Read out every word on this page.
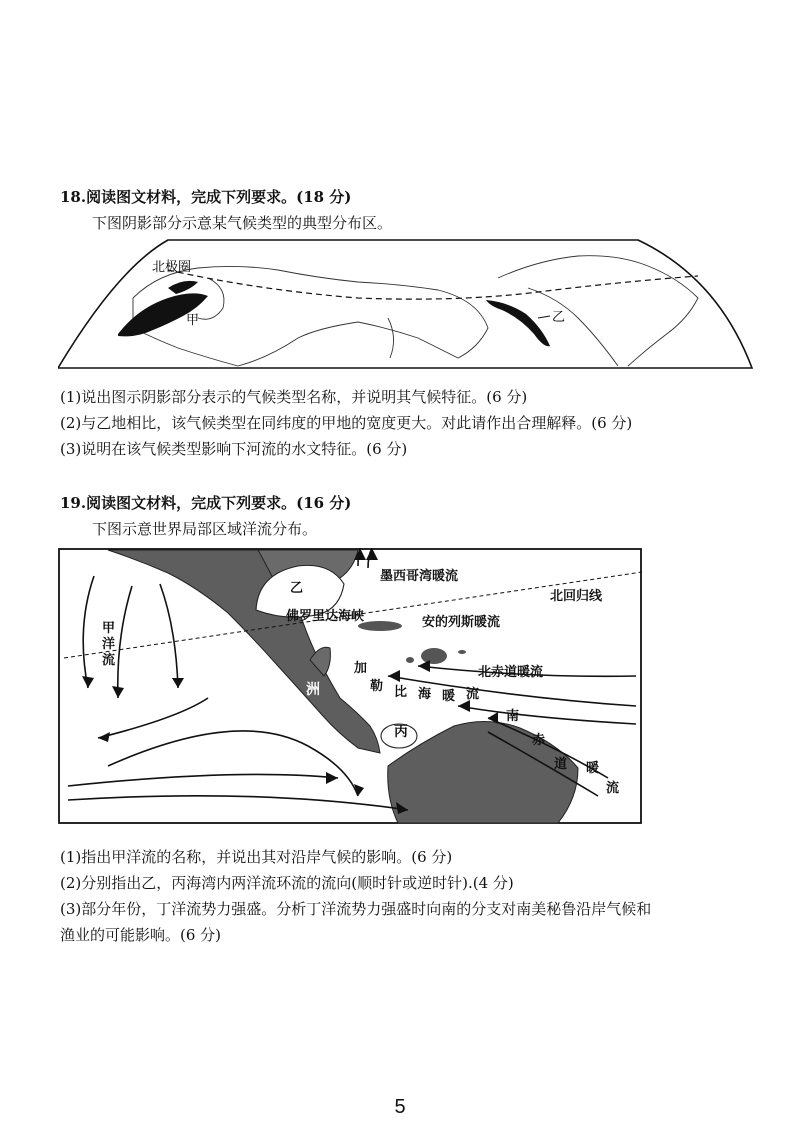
18.阅读图文材料，完成下列要求。(18 分)
下图阴影部分示意某气候类型的典型分布区。
北极圈
甲	乙
(1)说出图示阴影部分表示的气候类型名称，并说明其气候特征。(6 分)
(2)与乙地相比，该气候类型在同纬度的甲地的宽度更大。对此请作出合理解释。(6 分)
(3)说明在该气候类型影响下河流的水文特征。(6 分)
19.阅读图文材料，完成下列要求。(16 分)
下图示意世界局部区域洋流分布。
墨西哥湾暖流
北回归线
乙
佛罗里达海峡	安的列斯暖流
北赤道暖流
丙
加
勒 比 海 暖 流
南
赤
道 暖
流
中
美
洲
甲
洋
流
(1)指出甲洋流的名称，并说出其对沿岸气候的影响。(6 分)
(2)分别指出乙，丙海湾内两洋流环流的流向(顺时针或逆时针).(4 分)
(3)部分年份，丁洋流势力强盛。分析丁洋流势力强盛时向南的分支对南美秘鲁沿岸气候和
渔业的可能影响。(6 分)
5
